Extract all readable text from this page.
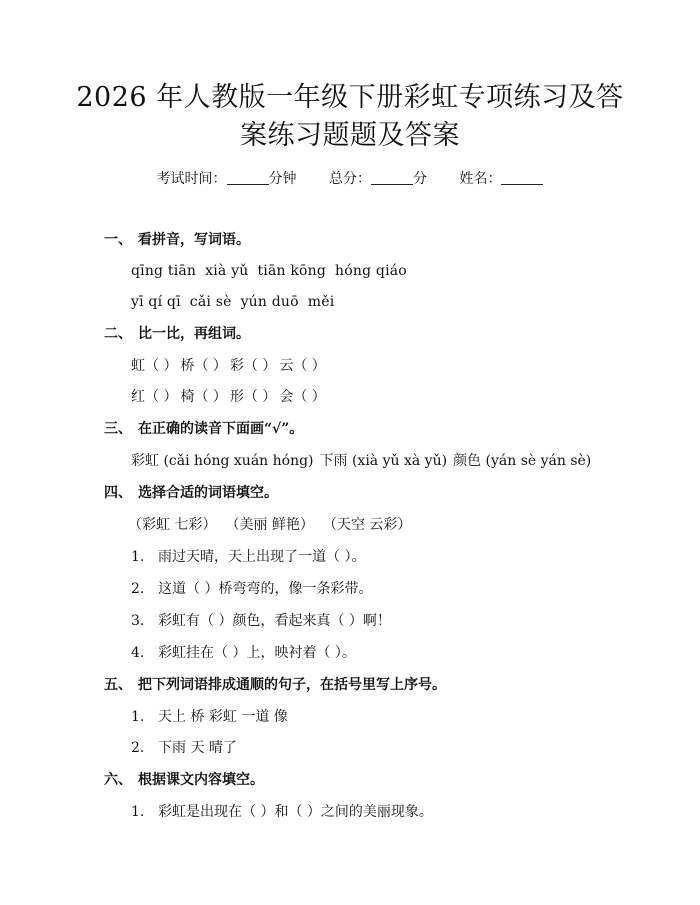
2026 年人教版一年级下册彩虹专项练习及答
案练习题题及答案
考试时间：	分钟 总分：	分 姓名：
一、 看拼音，写词语。
qīng tiān xià yǔ tiān kōng hóng qiáo
yī qí qī cǎi sè yún duō měi
二、 比一比，再组词。
虹（ ） 桥（ ） 彩（ ） 云（ ）
红（ ） 椅（ ） 形（ ） 会（ ）
三、 在正确的读音下面画“√”。
彩虹 (cǎi hóng xuán hóng) 下雨 (xià yǔ xà yǔ) 颜色 (yán sè yán sè)
四、 选择合适的词语填空。
（彩虹 七彩） （美丽 鲜艳） （天空 云彩）
1. 雨过天晴，天上出现了一道（ ）。
2. 这道（ ）桥弯弯的，像一条彩带。
3. 彩虹有（ ）颜色，看起来真（ ）啊！
4. 彩虹挂在（ ）上，映衬着（ ）。
五、 把下列词语排成通顺的句子，在括号里写上序号。
1. 天上 桥 彩虹 一道 像
2. 下雨 天 晴了
六、 根据课文内容填空。
1. 彩虹是出现在（ ）和（ ）之间的美丽现象。
